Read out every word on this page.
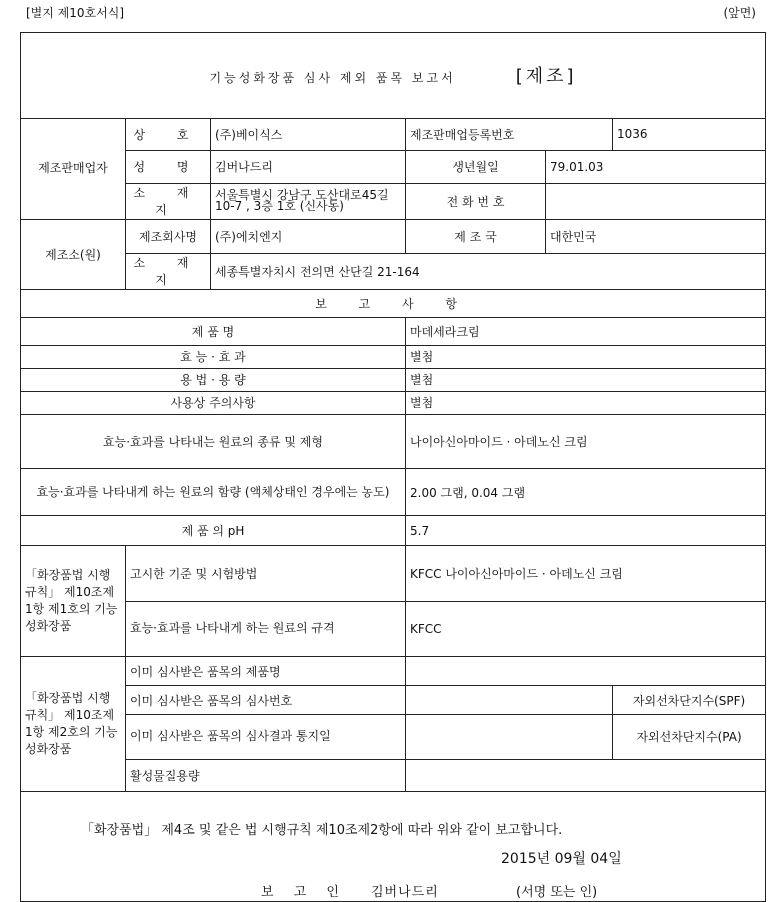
[별지 제10호서식]	(앞면)
기능성화장품 심사 제외 품목 보고서 [제조]						
제조판매업자	상 호	(주)베이식스	제조판매업등록번호		1036	
	성 명	김버나드리	생년월일	79.01.03		
	소 재 지	서울특별시 강남구 도산대로45길 10-7 , 3층 1호 (신사동)	전 화 번 호			
제조소(원)	제조회사명	(주)에치엔지	제 조 국	대한민국		
	소 재 지	세종특별자치시 전의면 산단길 21-164				
보 고 사 항						
제 품 명			마데세라크림			
효 능 · 효 과			별첨			
용 법 · 용 량			별첨			
사용상 주의사항			별첨			
효능·효과를 나타내는 원료의 종류 및 제형			나이아신아마이드 · 아데노신 크림			
효능·효과를 나타내게 하는 원료의 함량 (액체상태인 경우에는 농도)			2.00 그램, 0.04 그램			
제 품 의 pH			5.7			
「화장품법 시행규칙」 제10조제1항 제1호의 기능성화장품	고시한 기준 및 시험방법		KFCC 나이아신아마이드 · 아데노신 크림			
	효능·효과를 나타내게 하는 원료의 규격		KFCC			
「화장품법 시행규칙」 제10조제1항 제2호의 기능성화장품	이미 심사받은 품목의 제품명					
	이미 심사받은 품목의 심사번호				자외선차단지수(SPF)	
	이미 심사받은 품목의 심사결과 통지일				자외선차단지수(PA)	
	활성물질용량					

「화장품법」 제4조 및 같은 법 시행규칙 제10조제2항에 따라 위와 같이 보고합니다.
2015년 09월 04일
보 고 인 김버나드리 (서명 또는 인)						
